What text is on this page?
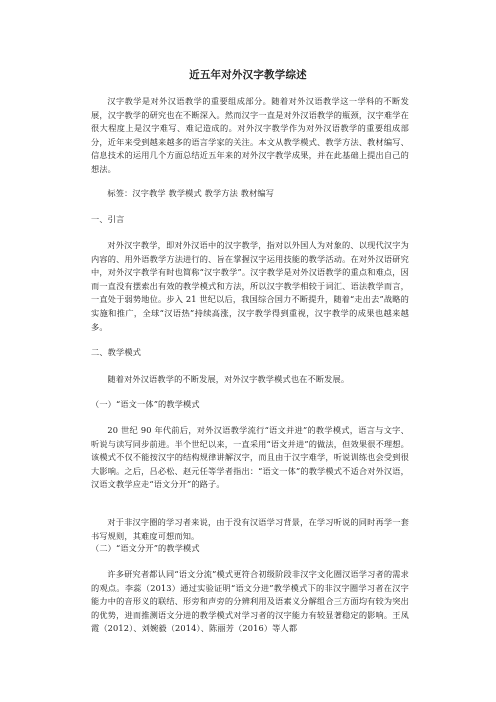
近五年对外汉字教学综述
汉字教学是对外汉语教学的重要组成部分。随着对外汉语教学这一学科的不断发展，汉字教学的研究也在不断深入。然而汉字一直是对外汉语教学的瓶颈，汉字难学在很大程度上是汉字难写、难记造成的。对外汉字教学作为对外汉语教学的重要组成部分，近年来受到越来越多的语言学家的关注。本文从教学模式、教学方法、教材编写、信息技术的运用几个方面总结近五年来的对外汉字教学成果，并在此基础上提出自己的想法。
标签：汉字教学 教学模式 教学方法 教材编写
一、引言
对外汉字教学，即对外汉语中的汉字教学，指对以外国人为对象的、以现代汉字为内容的、用外语教学方法进行的、旨在掌握汉字运用技能的教学活动。在对外汉语研究中，对外汉字教学有时也简称“汉字教学”。汉字教学是对外汉语教学的重点和难点，因而一直没有摆索出有效的教学模式和方法，所以汉字教学相较于词汇、语法教学而言，一直处于弱势地位。步入 21 世纪以后，我国综合国力不断提升，随着“走出去”战略的实施和推广，全球“汉语热”持续高涨，汉字教学得到重视，汉字教学的成果也越来越多。
二、教学模式
随着对外汉语教学的不断发展，对外汉字教学模式也在不断发展。
（一）“语文一体”的教学模式
20 世纪 90 年代前后，对外汉语教学流行“语文并进”的教学模式，语言与文字、听说与读写同步前进。半个世纪以来，一直采用“语文并进”的做法，但效果很不理想。该模式不仅不能按汉字的结构规律讲解汉字，而且由于汉字难学，听说训练也会受到很大影响。之后，吕必松、赵元任等学者指出：“语文一体”的教学模式不适合对外汉语，汉语文教学应走“语文分开”的路子。
对于非汉字圈的学习者来说，由于没有汉语学习背景，在学习听说的同时再学一套书写规则，其难度可想而知。
（二）“语文分开”的教学模式
许多研究者都认同“语文分流”模式更符合初级阶段非汉字文化圈汉语学习者的需求的观点。李蕊（2013）通过实验证明“语文分进”教学模式下的非汉字圈学习者在汉字能力中的音形义的联结、形旁和声旁的分辨利用及语素义分解组合三方面均有较为突出的优势，进而推测语文分进的教学模式对学习者的汉字能力有较显著稳定的影响。王凤霞（2012）、刘婉毅（2014）、陈丽芳（2016）等人都
